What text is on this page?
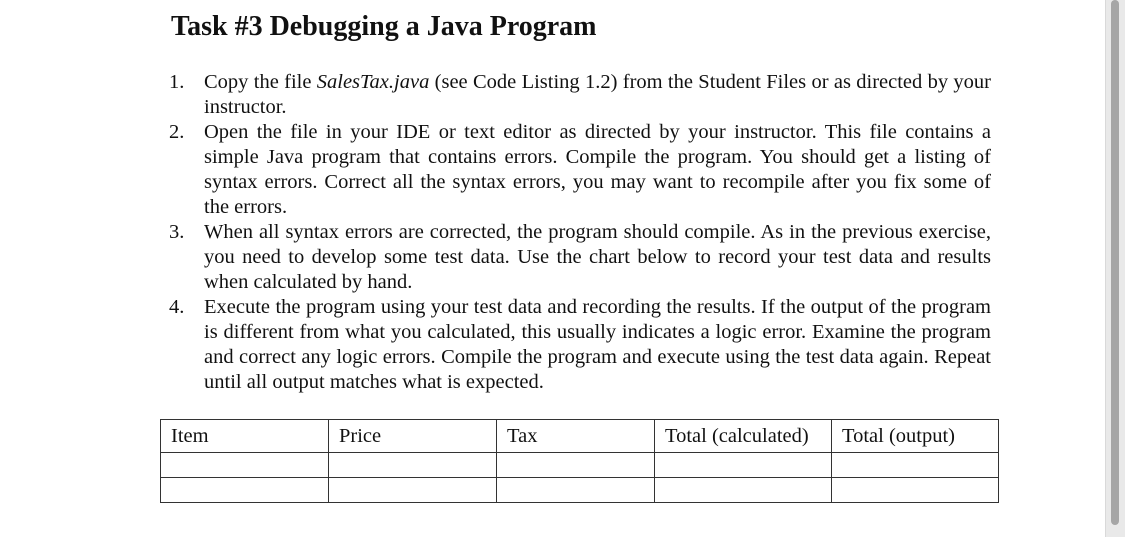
Task #3 Debugging a Java Program
1. Copy the file SalesTax.java (see Code Listing 1.2) from the Student Files or as directed by your instructor.
2. Open the file in your IDE or text editor as directed by your instructor. This file contains a simple Java program that contains errors. Compile the program. You should get a listing of syntax errors. Correct all the syntax errors, you may want to recompile after you fix some of the errors.
3. When all syntax errors are corrected, the program should compile. As in the previous exercise, you need to develop some test data. Use the chart below to record your test data and results when calculated by hand.
4. Execute the program using your test data and recording the results. If the output of the program is different from what you calculated, this usually indicates a logic error. Examine the program and correct any logic errors. Compile the program and execute using the test data again. Repeat until all output matches what is expected.
Item	Price	Tax	Total (calculated)	Total (output)
